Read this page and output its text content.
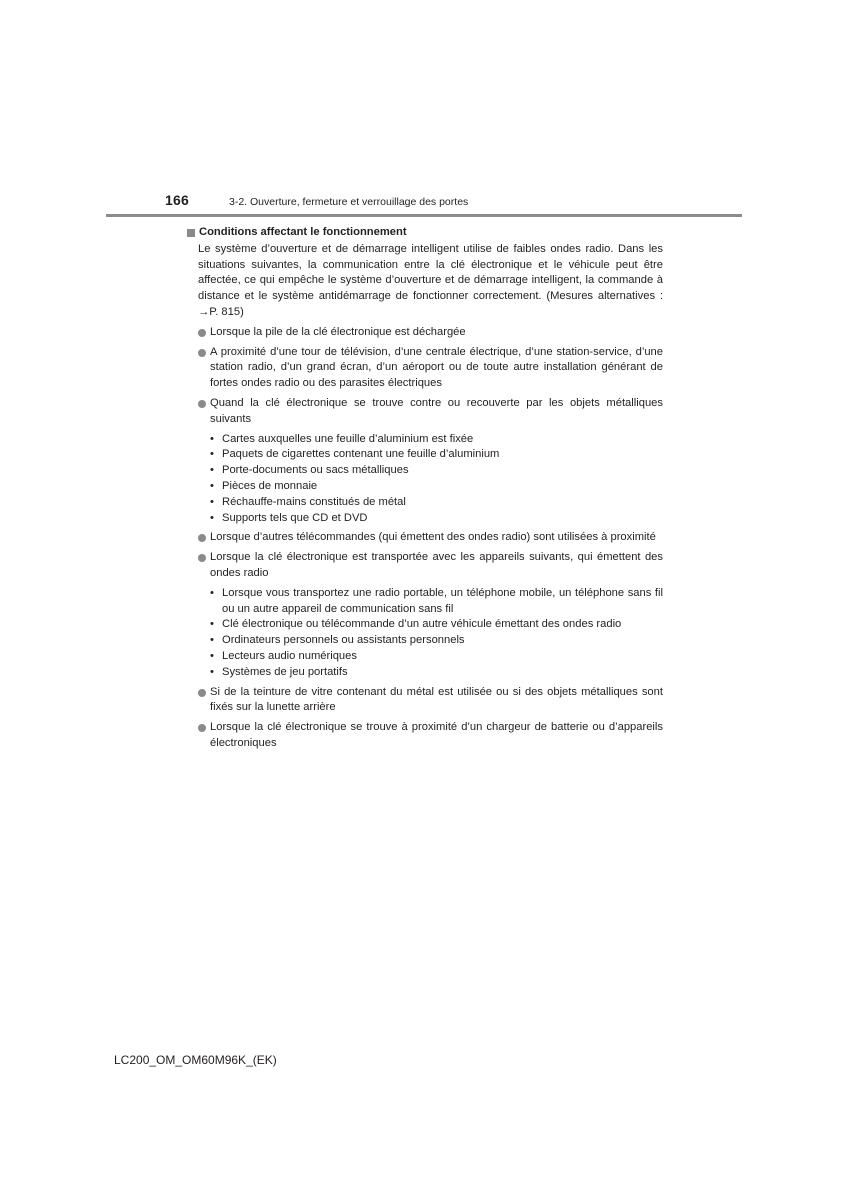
166	3-2. Ouverture, fermeture et verrouillage des portes
Conditions affectant le fonctionnement
Le système d’ouverture et de démarrage intelligent utilise de faibles ondes radio. Dans les situations suivantes, la communication entre la clé électronique et le véhicule peut être affectée, ce qui empêche le système d’ouverture et de démarrage intelligent, la commande à distance et le système antidémarrage de fonctionner correctement. (Mesures alternatives : →P. 815)
Lorsque la pile de la clé électronique est déchargée
A proximité d’une tour de télévision, d’une centrale électrique, d’une station-service, d’une station radio, d’un grand écran, d’un aéroport ou de toute autre installation générant de fortes ondes radio ou des parasites électriques
Quand la clé électronique se trouve contre ou recouverte par les objets métalliques suivants
• Cartes auxquelles une feuille d’aluminium est fixée
• Paquets de cigarettes contenant une feuille d’aluminium
• Porte-documents ou sacs métalliques
• Pièces de monnaie
• Réchauffe-mains constitués de métal
• Supports tels que CD et DVD
Lorsque d’autres télécommandes (qui émettent des ondes radio) sont utilisées à proximité
Lorsque la clé électronique est transportée avec les appareils suivants, qui émettent des ondes radio
• Lorsque vous transportez une radio portable, un téléphone mobile, un téléphone sans fil ou un autre appareil de communication sans fil
• Clé électronique ou télécommande d’un autre véhicule émettant des ondes radio
• Ordinateurs personnels ou assistants personnels
• Lecteurs audio numériques
• Systèmes de jeu portatifs
Si de la teinture de vitre contenant du métal est utilisée ou si des objets métalliques sont fixés sur la lunette arrière
Lorsque la clé électronique se trouve à proximité d’un chargeur de batterie ou d’appareils électroniques
LC200_OM_OM60M96K_(EK)
